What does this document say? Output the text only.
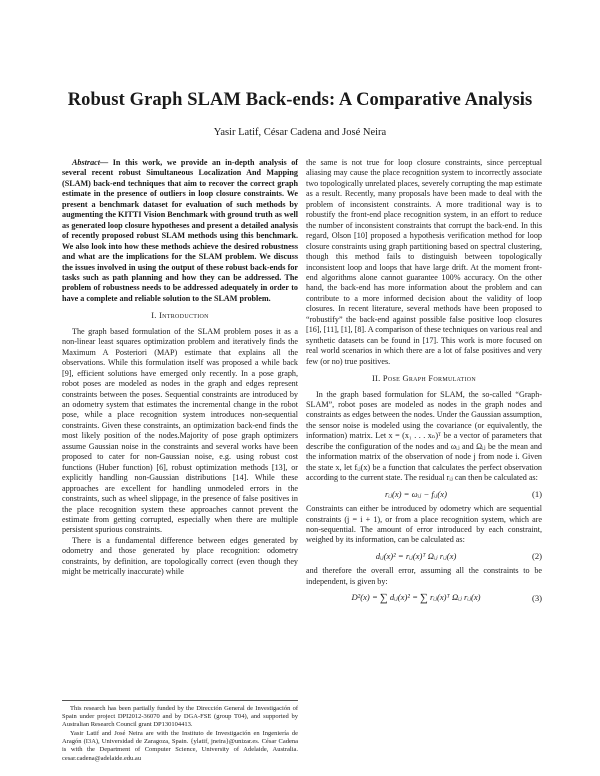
Robust Graph SLAM Back-ends: A Comparative Analysis
Yasir Latif, César Cadena and José Neira

Abstract— In this work, we provide an in-depth analysis of several recent robust Simultaneous Localization And Mapping (SLAM) back-end techniques that aim to recover the correct graph estimate in the presence of outliers in loop closure constraints. We present a benchmark dataset for evaluation of such methods by augmenting the KITTI Vision Benchmark with ground truth as well as generated loop closure hypotheses and present a detailed analysis of recently proposed robust SLAM methods using this benchmark. We also look into how these methods achieve the desired robustness and what are the implications for the SLAM problem. We discuss the issues involved in using the output of these robust back-ends for tasks such as path planning and how they can be addressed. The problem of robustness needs to be addressed adequately in order to have a complete and reliable solution to the SLAM problem.

I. Introduction

The graph based formulation of the SLAM problem poses it as a non-linear least squares optimization problem and iteratively finds the Maximum A Posteriori (MAP) estimate that explains all the observations. While this formulation itself was proposed a while back [9], efficient solutions have emerged only recently. In a pose graph, robot poses are modeled as nodes in the graph and edges represent constraints between the poses. Sequential constraints are introduced by an odometry system that estimates the incremental change in the robot pose, while a place recognition system introduces non-sequential constraints. Given these constraints, an optimization back-end finds the most likely position of the nodes.Majority of pose graph optimizers assume Gaussian noise in the constraints and several works have been proposed to cater for non-Gaussian noise, e.g. using robust cost functions (Huber function) [6], robust optimization methods [13], or explicitly handling non-Gaussian distributions [14]. While these approaches are excellent for handling unmodeled errors in the constraints, such as wheel slippage, in the presence of false positives in the place recognition system these approaches cannot prevent the estimate from getting corrupted, especially when there are multiple persistent spurious constraints.

There is a fundamental difference between edges generated by odometry and those generated by place recognition: odometry constraints, by definition, are topologically correct (even though they might be metrically inaccurate) while

This research has been partially funded by the Dirección General de Investigación of Spain under project DPI2012-36070 and by DGA-FSE (group T04), and supported by Australian Research Council grant DP130104413.

Yasir Latif and José Neira are with the Instituto de Investigación en Ingeniería de Aragón (I3A), Universidad de Zaragoza, Spain. {ylatif, jneira}@unizar.es. César Cadena is with the Department of Computer Science, University of Adelaide, Australia. cesar.cadena@adelaide.edu.au

the same is not true for loop closure constraints, since perceptual aliasing may cause the place recognition system to incorrectly associate two topologically unrelated places, severely corrupting the map estimate as a result. Recently, many proposals have been made to deal with the problem of inconsistent constraints. A more traditional way is to robustify the front-end place recognition system, in an effort to reduce the number of inconsistent constraints that corrupt the back-end. In this regard, Olson [10] proposed a hypothesis verification method for loop closure constraints using graph partitioning based on spectral clustering, though this method fails to distinguish between topologically inconsistent loop and loops that have large drift. At the moment front-end algorithms alone cannot guarantee 100% accuracy. On the other hand, the back-end has more information about the problem and can contribute to a more informed decision about the validity of loop closures. In recent literature, several methods have been proposed to “robustify” the back-end against possible false positive loop closures [16], [11], [1], [8]. A comparison of these techniques on various real and synthetic datasets can be found in [17]. This work is more focused on real world scenarios in which there are a lot of false positives and very few (or no) true positives.

II. Pose Graph Formulation

In the graph based formulation for SLAM, the so-called “Graph-SLAM”, robot poses are modeled as nodes in the graph nodes and constraints as edges between the nodes. Under the Gaussian assumption, the sensor noise is modeled using the covariance (or equivalently, the information) matrix. Let x = (x₁ . . . xₙ)ᵀ be a vector of parameters that describe the configuration of the nodes and ωᵢⱼ and Ωᵢⱼ be the mean and the information matrix of the observation of node j from node i. Given the state x, let fᵢⱼ(x) be a function that calculates the perfect observation according to the current state. The residual rᵢⱼ can then be calculated as:

rᵢⱼ(x) = ωᵢⱼ − fᵢⱼ(x)	(1)

Constraints can either be introduced by odometry which are sequential constraints (j = i + 1), or from a place recognition system, which are non-sequential. The amount of error introduced by each constraint, weighed by its information, can be calculated as:

dᵢⱼ(x)² = rᵢⱼ(x)ᵀ Ωᵢⱼ rᵢⱼ(x)	(2)

and therefore the overall error, assuming all the constraints to be independent, is given by:

D²(x) = ∑ dᵢⱼ(x)² = ∑ rᵢⱼ(x)ᵀ Ωᵢⱼ rᵢⱼ(x)	(3)
